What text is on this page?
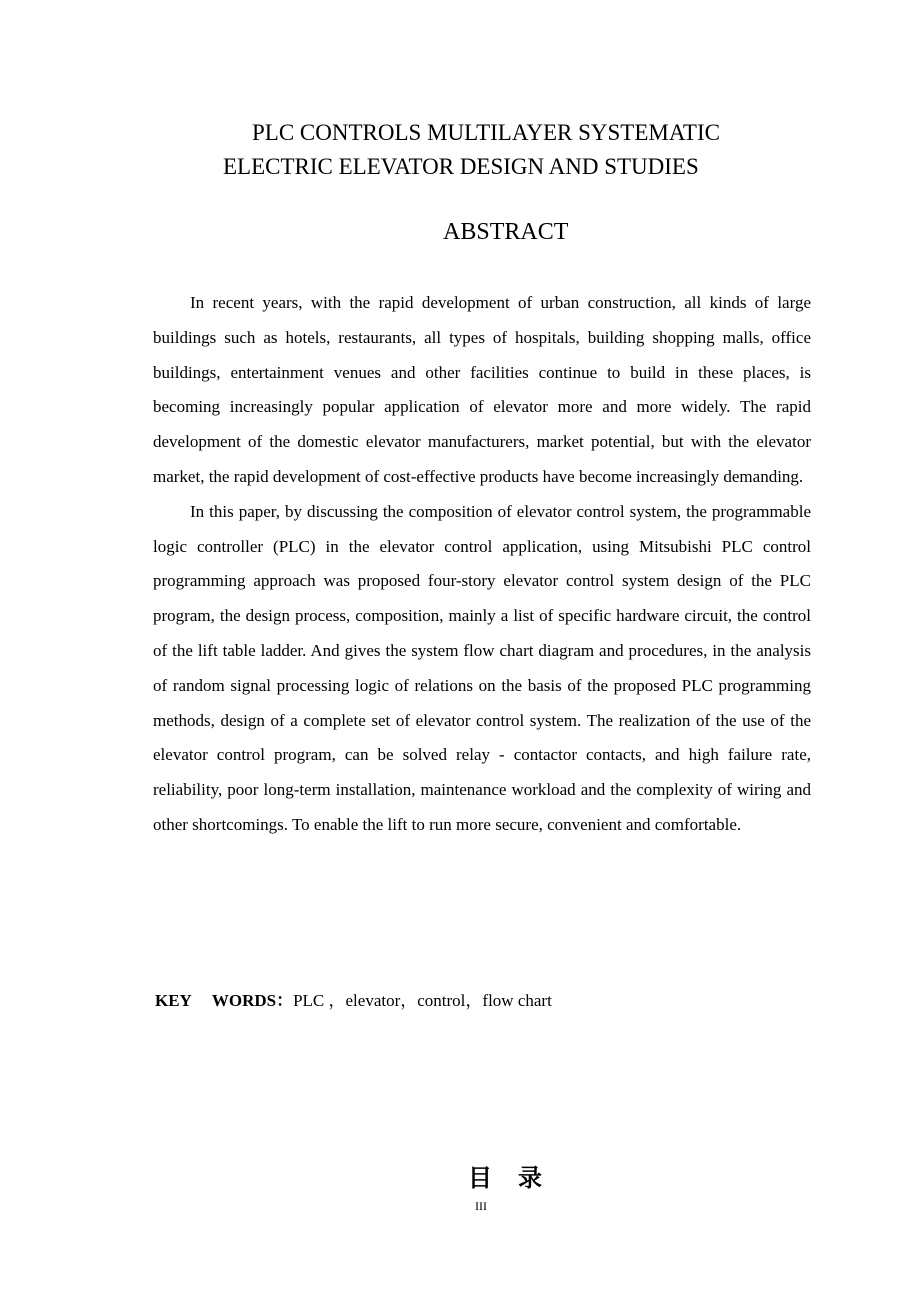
PLC CONTROLS MULTILAYER SYSTEMATIC
ELECTRIC ELEVATOR DESIGN AND STUDIES
ABSTRACT

In recent years, with the rapid development of urban construction, all kinds of large buildings such as hotels, restaurants, all types of hospitals, building shopping malls, office buildings, entertainment venues and other facilities continue to build in these places, is becoming increasingly popular application of elevator more and more widely. The rapid development of the domestic elevator manufacturers, market potential, but with the elevator market, the rapid development of cost-effective products have become increasingly demanding.

In this paper, by discussing the composition of elevator control system, the programmable logic controller (PLC) in the elevator control application, using Mitsubishi PLC control programming approach was proposed four-story elevator control system design of the PLC program, the design process, composition, mainly a list of specific hardware circuit, the control of the lift table ladder. And gives the system flow chart diagram and procedures, in the analysis of random signal processing logic of relations on the basis of the proposed PLC programming methods, design of a complete set of elevator control system. The realization of the use of the elevator control program, can be solved relay - contactor contacts, and high failure rate, reliability, poor long-term installation, maintenance workload and the complexity of wiring and other shortcomings. To enable the lift to run more secure, convenient and comfortable.

KEY WORDS：PLC ，elevator，control，flow chart
目录
III
